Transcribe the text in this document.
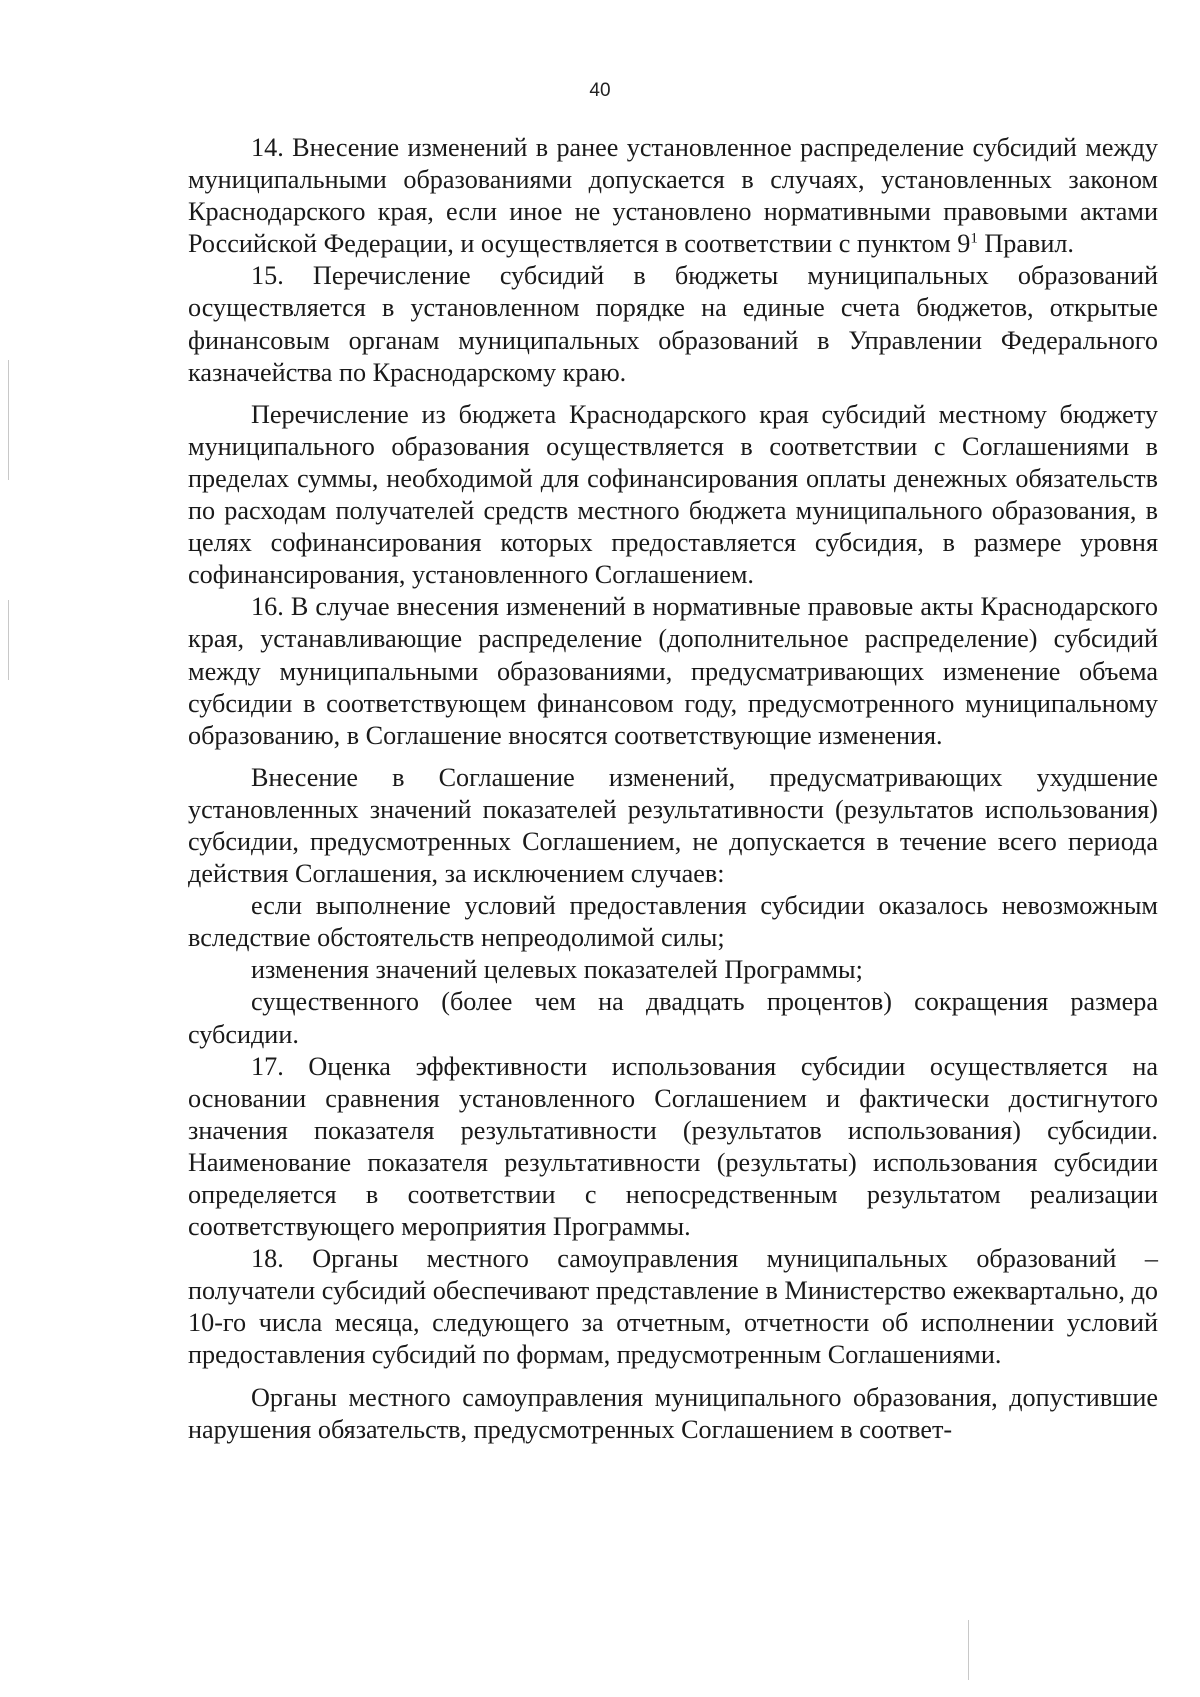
40

14. Внесение изменений в ранее установленное распределение субсидий между муниципальными образованиями допускается в случаях, установленных законом Краснодарского края, если иное не установлено нормативными правовыми актами Российской Федерации, и осуществляется в соответствии с пунктом $9^1$ Правил.

15. Перечисление субсидий в бюджеты муниципальных образований осуществляется в установленном порядке на единые счета бюджетов, открытые финансовым органам муниципальных образований в Управлении Федерального казначейства по Краснодарскому краю.

Перечисление из бюджета Краснодарского края субсидий местному бюджету муниципального образования осуществляется в соответствии с Соглашениями в пределах суммы, необходимой для софинансирования оплаты денежных обязательств по расходам получателей средств местного бюджета муниципального образования, в целях софинансирования которых предоставляется субсидия, в размере уровня софинансирования, установленного Соглашением.

16. В случае внесения изменений в нормативные правовые акты Краснодарского края, устанавливающие распределение (дополнительное распределение) субсидий между муниципальными образованиями, предусматривающих изменение объема субсидии в соответствующем финансовом году, предусмотренного муниципальному образованию, в Соглашение вносятся соответствующие изменения.

Внесение в Соглашение изменений, предусматривающих ухудшение установленных значений показателей результативности (результатов использования) субсидии, предусмотренных Соглашением, не допускается в течение всего периода действия Соглашения, за исключением случаев:

если выполнение условий предоставления субсидии оказалось невозможным вследствие обстоятельств непреодолимой силы;

изменения значений целевых показателей Программы;

существенного (более чем на двадцать процентов) сокращения размера субсидии.

17. Оценка эффективности использования субсидии осуществляется на основании сравнения установленного Соглашением и фактически достигнутого значения показателя результативности (результатов использования) субсидии. Наименование показателя результативности (результаты) использования субсидии определяется в соответствии с непосредственным результатом реализации соответствующего мероприятия Программы.

18. Органы местного самоуправления муниципальных образований – получатели субсидий обеспечивают представление в Министерство ежеквартально, до 10-го числа месяца, следующего за отчетным, отчетности об исполнении условий предоставления субсидий по формам, предусмотренным Соглашениями.

Органы местного самоуправления муниципального образования, допустившие нарушения обязательств, предусмотренных Соглашением в соответ-
